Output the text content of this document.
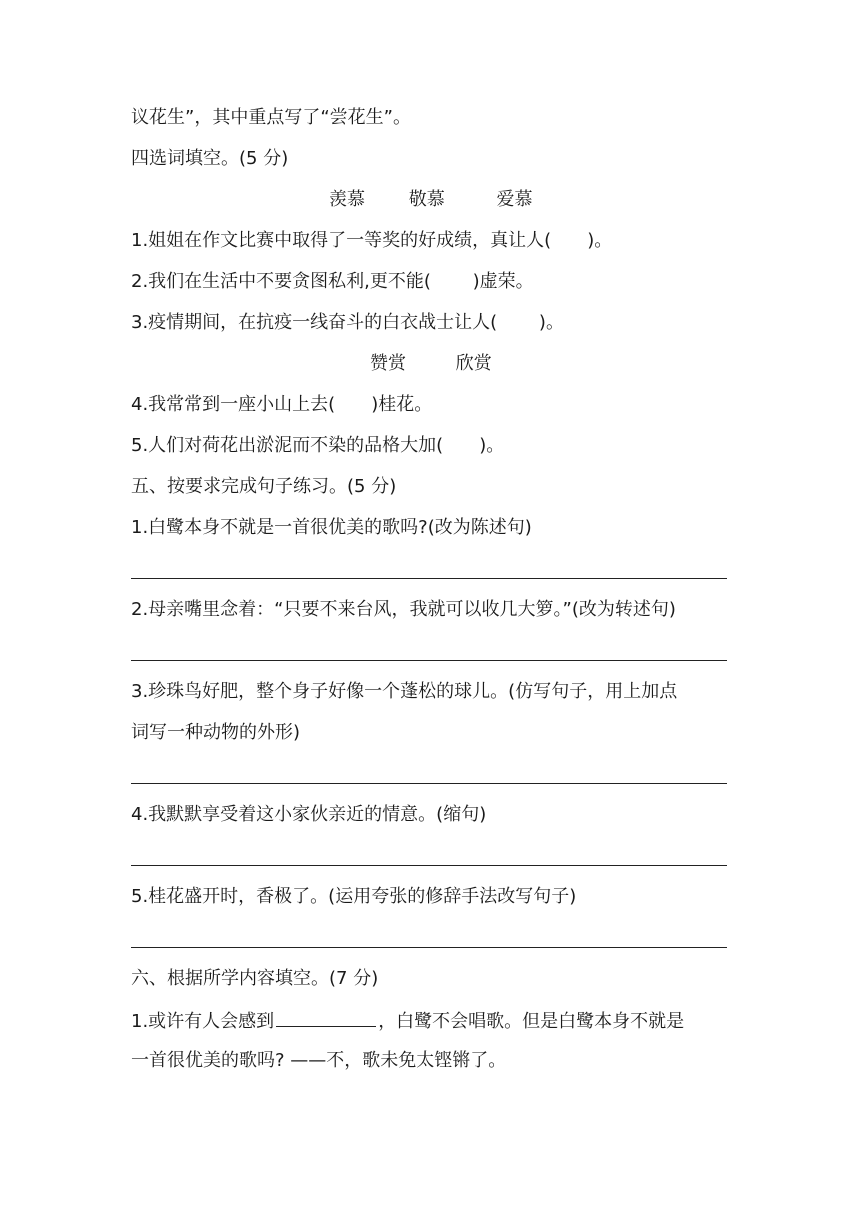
议花生”，其中重点写了“尝花生”。
四选词填空。(5 分)
羡慕 敬慕	爱慕
1.姐姐在作文比赛中取得了一等奖的好成绩，真让人(　　)。
2.我们在生活中不要贪图私利,更不能(　　 )虚荣。
3.疫情期间，在抗疫一线奋斗的白衣战士让人(　　 )。
赞赏	欣赏
4.我常常到一座小山上去(　　)桂花。
5.人们对荷花出淤泥而不染的品格大加(　　)。
五、按要求完成句子练习。(5 分)
1.白鹭本身不就是一首很优美的歌吗?(改为陈述句)
2.母亲嘴里念着：“只要不来台风，我就可以收几大箩。”(改为转述句)
3.珍珠鸟好肥，整个身子好像一个蓬松的球儿。(仿写句子，用上加点
词写一种动物的外形)
4.我默默享受着这小家伙亲近的情意。(缩句)
5.桂花盛开时，香极了。(运用夸张的修辞手法改写句子)
六、根据所学内容填空。(7 分)
1.或许有人会感到	，白鹭不会唱歌。但是白鹭本身不就是
一首很优美的歌吗? ——不，歌未免太铿锵了。
